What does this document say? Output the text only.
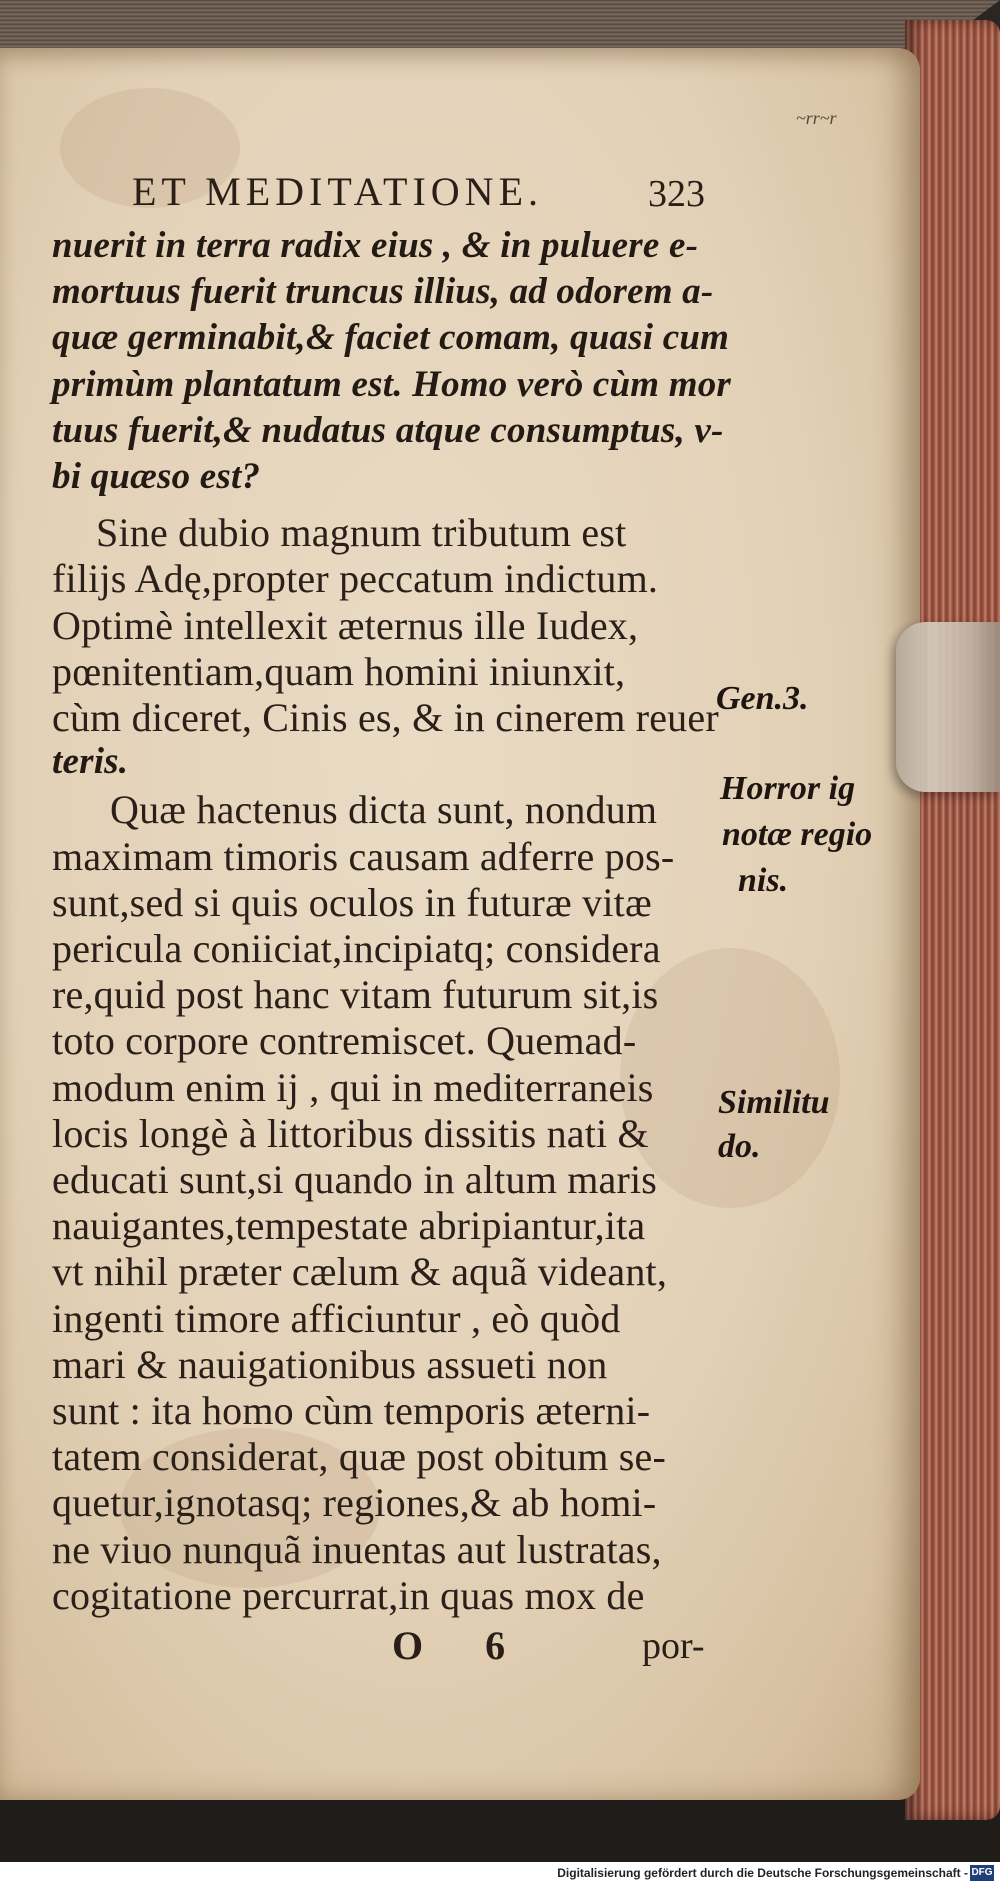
~rr~r
ET MEDITATIONE.	323
nuerit in terra radix eius , & in puluere e-
mortuus fuerit truncus illius, ad odorem a-
quæ germinabit,& faciet comam, quasi cum
primùm plantatum est. Homo verò cùm mor
tuus fuerit,& nudatus atque consumptus, v-
bi quæso est?
Sine dubio magnum tributum est
filijs Adę,propter peccatum indictum.
Optimè intellexit æternus ille Iudex,
pœnitentiam,quam homini iniunxit,
cùm diceret, Cinis es, & in cinerem reuer
teris.
Quæ hactenus dicta sunt, nondum
maximam timoris causam adferre pos-
sunt,sed si quis oculos in futuræ vitæ
pericula coniiciat,incipiatq; considera
re,quid post hanc vitam futurum sit,is
toto corpore contremiscet. Quemad-
modum enim ij , qui in mediterraneis
locis longè à littoribus dissitis nati &
educati sunt,si quando in altum maris
nauigantes,tempestate abripiantur,ita
vt nihil præter cælum & aquã videant,
ingenti timore afficiuntur , eò quòd
mari & nauigationibus assueti non
sunt : ita homo cùm temporis æterni-
tatem considerat, quæ post obitum se-
quetur,ignotasq; regiones,& ab homi-
ne viuo nunquã inuentas aut lustratas,
cogitatione percurrat,in quas mox de
Gen.3.
Horror ig
notæ regio
nis.
Similitu
do.
O 6	por-
Digitalisierung gefördert durch die Deutsche Forschungsgemeinschaft - DFG
